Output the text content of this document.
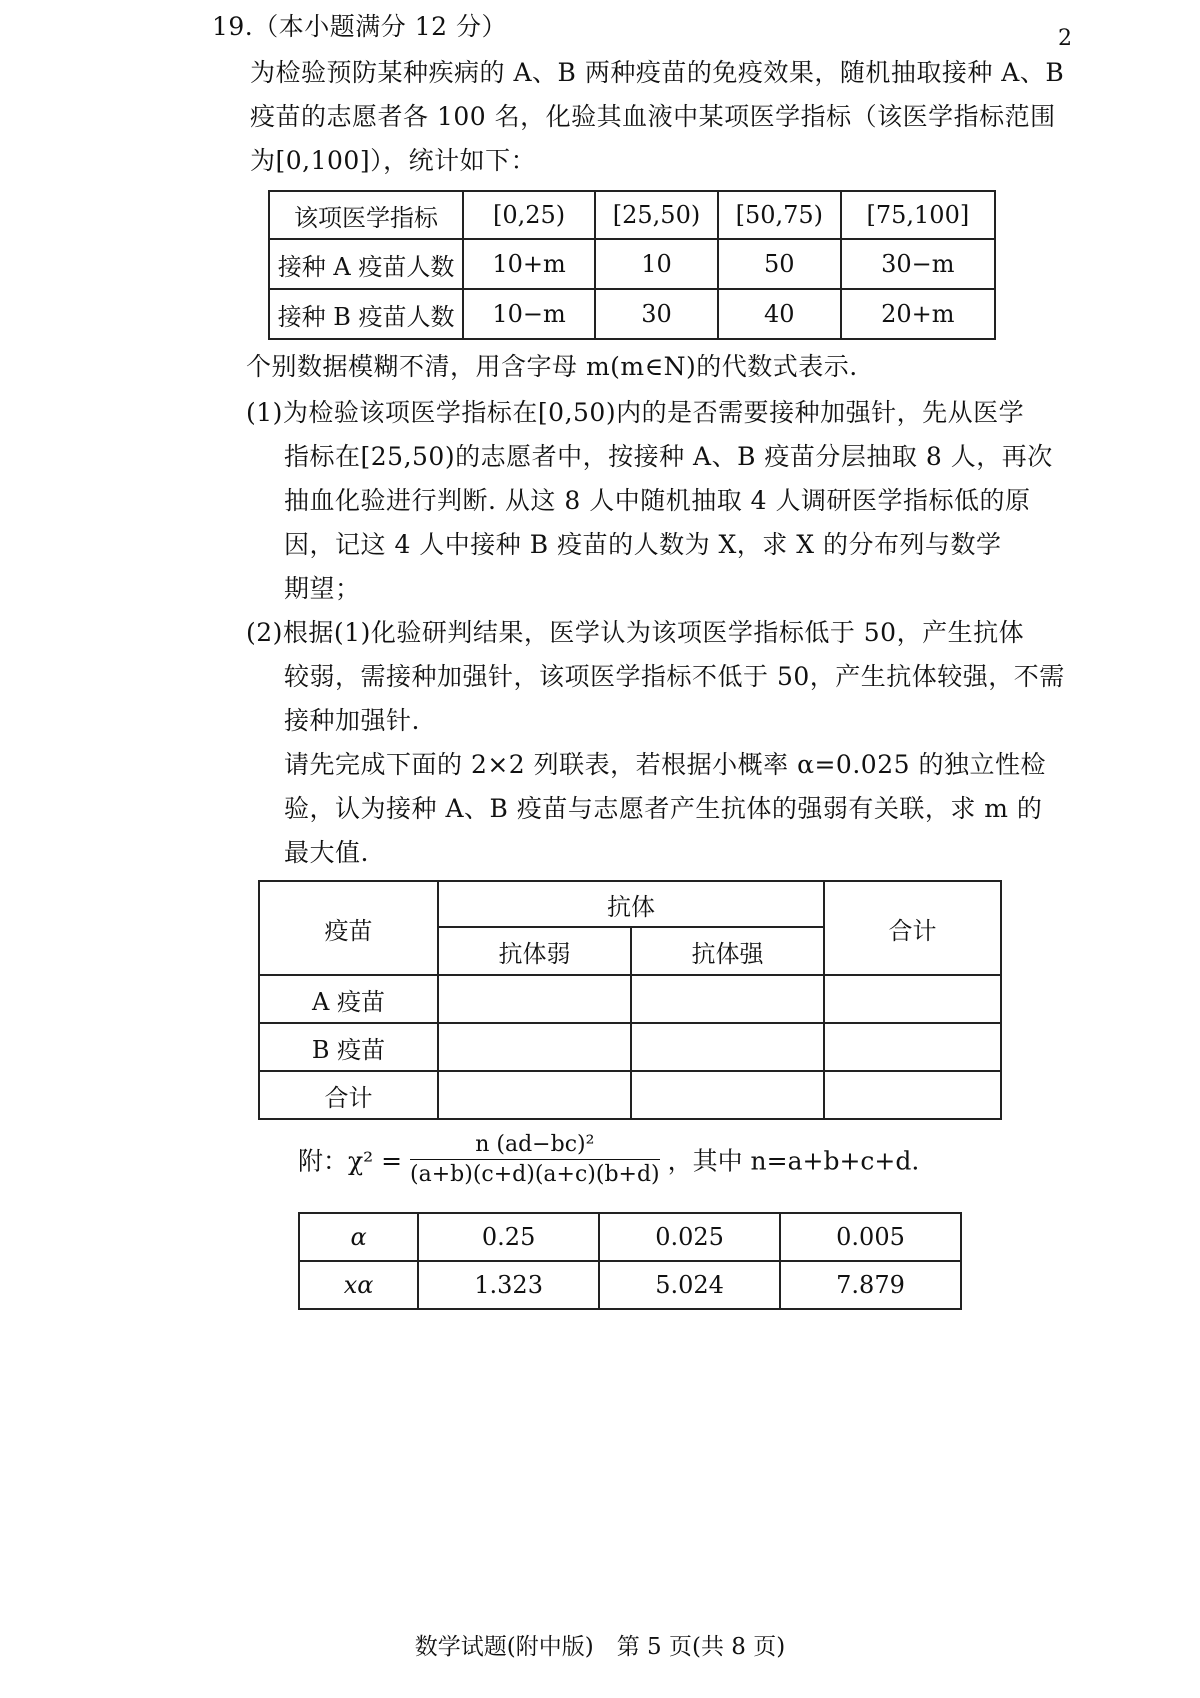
19.（本小题满分 12 分）	2
为检验预防某种疾病的 A、B 两种疫苗的免疫效果，随机抽取接种 A、B
疫苗的志愿者各 100 名，化验其血液中某项医学指标（该医学指标范围
为[0,100]），统计如下：
该项医学指标	[0,25)	[25,50)	[50,75)	[75,100]
接种 A 疫苗人数	10+m	10	50	30−m
接种 B 疫苗人数	10−m	30	40	20+m
个别数据模糊不清，用含字母 m(m∈N)的代数式表示.
(1)为检验该项医学指标在[0,50)内的是否需要接种加强针，先从医学
指标在[25,50)的志愿者中，按接种 A、B 疫苗分层抽取 8 人，再次
抽血化验进行判断. 从这 8 人中随机抽取 4 人调研医学指标低的原
因，记这 4 人中接种 B 疫苗的人数为 X，求 X 的分布列与数学
期望；
(2)根据(1)化验研判结果，医学认为该项医学指标低于 50，产生抗体
较弱，需接种加强针，该项医学指标不低于 50，产生抗体较强，不需
接种加强针.
请先完成下面的 2×2 列联表，若根据小概率 α=0.025 的独立性检
验，认为接种 A、B 疫苗与志愿者产生抗体的强弱有关联，求 m 的
最大值.
疫苗	抗体		合计
	抗体弱	抗体强	
A 疫苗			
B 疫苗			
合计			
附：$\chi^2 = \frac{\text{n (ad−bc)²}}{(a+b)(c+d)(a+c)(b+d)}$ ，其中 n=a+b+c+d.
α	0.25	0.025	0.005
xα	1.323	5.024	7.879
数学试题(附中版)　第 5 页(共 8 页)
